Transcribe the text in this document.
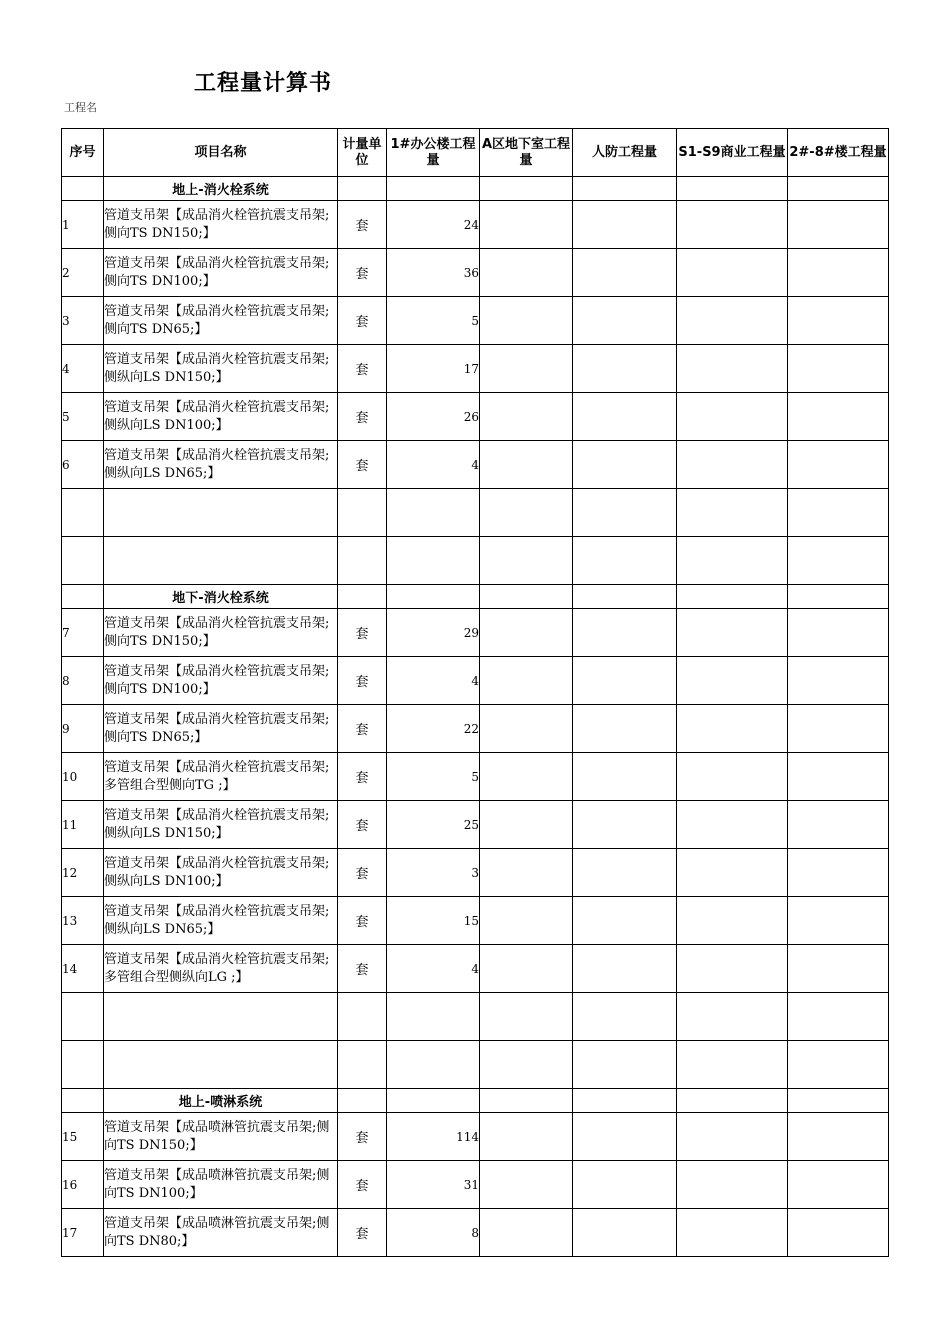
工程量计算书
工程名
序号	项目名称	计量单位	1#办公楼工程量	A区地下室工程量	人防工程量	S1-S9商业工程量	2#-8#楼工程量
	地上-消火栓系统						
1	管道支吊架【成品消火栓管抗震支吊架;侧向TS DN150;】	套	24				
2	管道支吊架【成品消火栓管抗震支吊架;侧向TS DN100;】	套	36				
3	管道支吊架【成品消火栓管抗震支吊架;侧向TS DN65;】	套	5				
4	管道支吊架【成品消火栓管抗震支吊架;侧纵向LS DN150;】	套	17				
5	管道支吊架【成品消火栓管抗震支吊架;侧纵向LS DN100;】	套	26				
6	管道支吊架【成品消火栓管抗震支吊架;侧纵向LS DN65;】	套	4				

	地下-消火栓系统						
7	管道支吊架【成品消火栓管抗震支吊架;侧向TS DN150;】	套	29				
8	管道支吊架【成品消火栓管抗震支吊架;侧向TS DN100;】	套	4				
9	管道支吊架【成品消火栓管抗震支吊架;侧向TS DN65;】	套	22				
10	管道支吊架【成品消火栓管抗震支吊架;多管组合型侧向TG ;】	套	5				
11	管道支吊架【成品消火栓管抗震支吊架;侧纵向LS DN150;】	套	25				
12	管道支吊架【成品消火栓管抗震支吊架;侧纵向LS DN100;】	套	3				
13	管道支吊架【成品消火栓管抗震支吊架;侧纵向LS DN65;】	套	15				
14	管道支吊架【成品消火栓管抗震支吊架;多管组合型侧纵向LG ;】	套	4				

	地上-喷淋系统						
15	管道支吊架【成品喷淋管抗震支吊架;侧向TS DN150;】	套	114				
16	管道支吊架【成品喷淋管抗震支吊架;侧向TS DN100;】	套	31				
17	管道支吊架【成品喷淋管抗震支吊架;侧向TS DN80;】	套	8				
